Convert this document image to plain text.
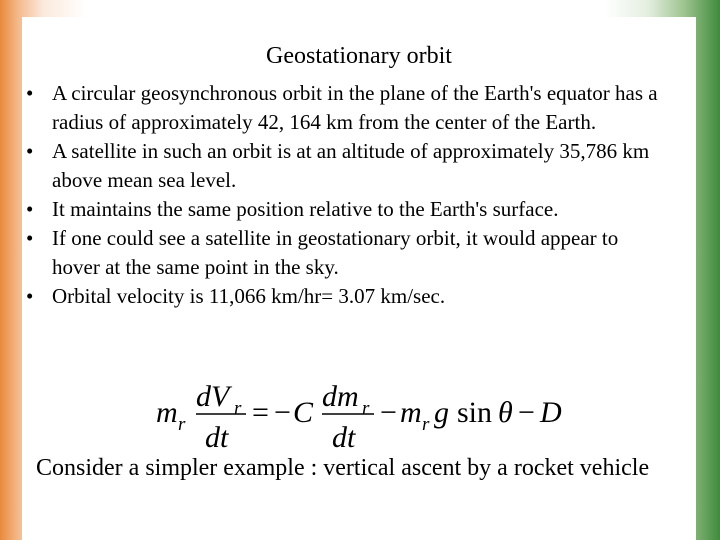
Geostationary orbit
• A circular geosynchronous orbit in the plane of the Earth's equator has a radius of approximately 42, 164 km from the center of the Earth.
• A satellite in such an orbit is at an altitude of approximately 35,786 km above mean sea level.
• It maintains the same position relative to the Earth's surface.
• If one could see a satellite in geostationary orbit, it would appear to hover at the same point in the sky.
• Orbital velocity is 11,066 km/hr= 3.07 km/sec.
m r
dV r
dt
= − C dm r
dt
− m r g sin θ − D
Consider a simpler example : vertical ascent by a rocket vehicle
